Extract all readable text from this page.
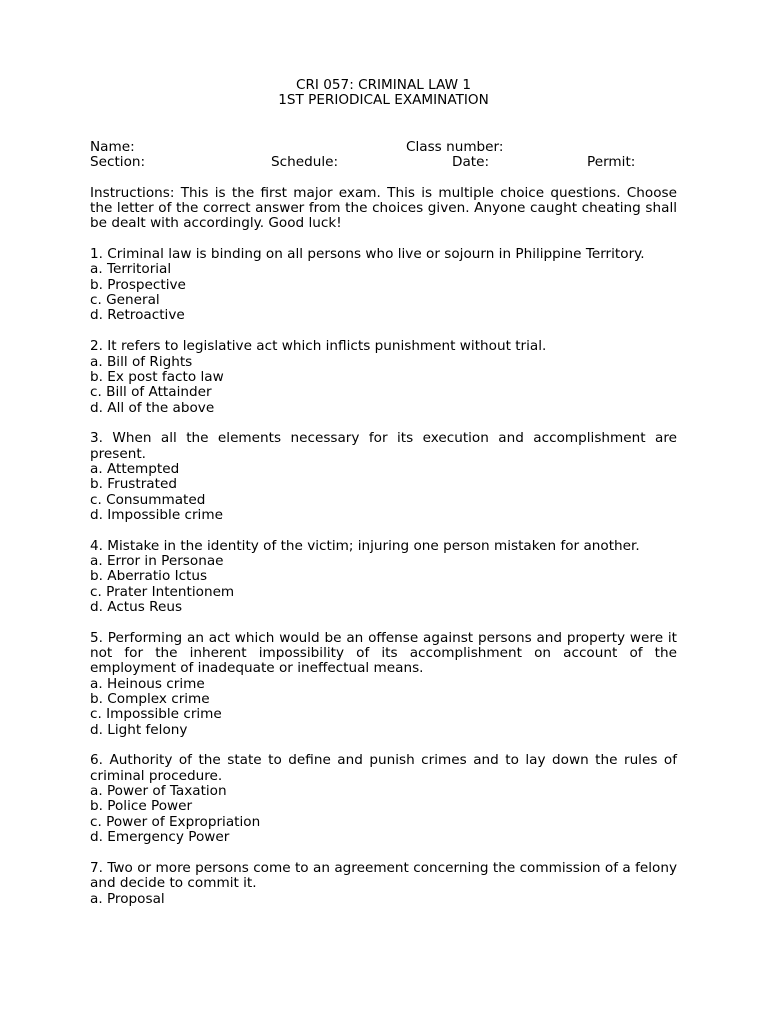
CRI 057: CRIMINAL LAW 1

1ST PERIODICAL EXAMINATION

Name:	Class number:
Section:	Schedule:	Date:	Permit:

Instructions: This is the first major exam. This is multiple choice questions. Choose the letter of the correct answer from the choices given. Anyone caught cheating shall be dealt with accordingly. Good luck!

1. Criminal law is binding on all persons who live or sojourn in Philippine Territory.

a. Territorial

b. Prospective

c. General

d. Retroactive

2. It refers to legislative act which inflicts punishment without trial.

a. Bill of Rights

b. Ex post facto law

c. Bill of Attainder

d. All of the above

3. When all the elements necessary for its execution and accomplishment are present.

a. Attempted

b. Frustrated

c. Consummated

d. Impossible crime

4. Mistake in the identity of the victim; injuring one person mistaken for another.

a. Error in Personae

b. Aberratio Ictus

c. Prater Intentionem

d. Actus Reus

5. Performing an act which would be an offense against persons and property were it not for the inherent impossibility of its accomplishment on account of the employment of inadequate or ineffectual means.

a. Heinous crime

b. Complex crime

c. Impossible crime

d. Light felony

6. Authority of the state to define and punish crimes and to lay down the rules of criminal procedure.

a. Power of Taxation

b. Police Power

c. Power of Expropriation

d. Emergency Power

7. Two or more persons come to an agreement concerning the commission of a felony and decide to commit it.

a. Proposal
